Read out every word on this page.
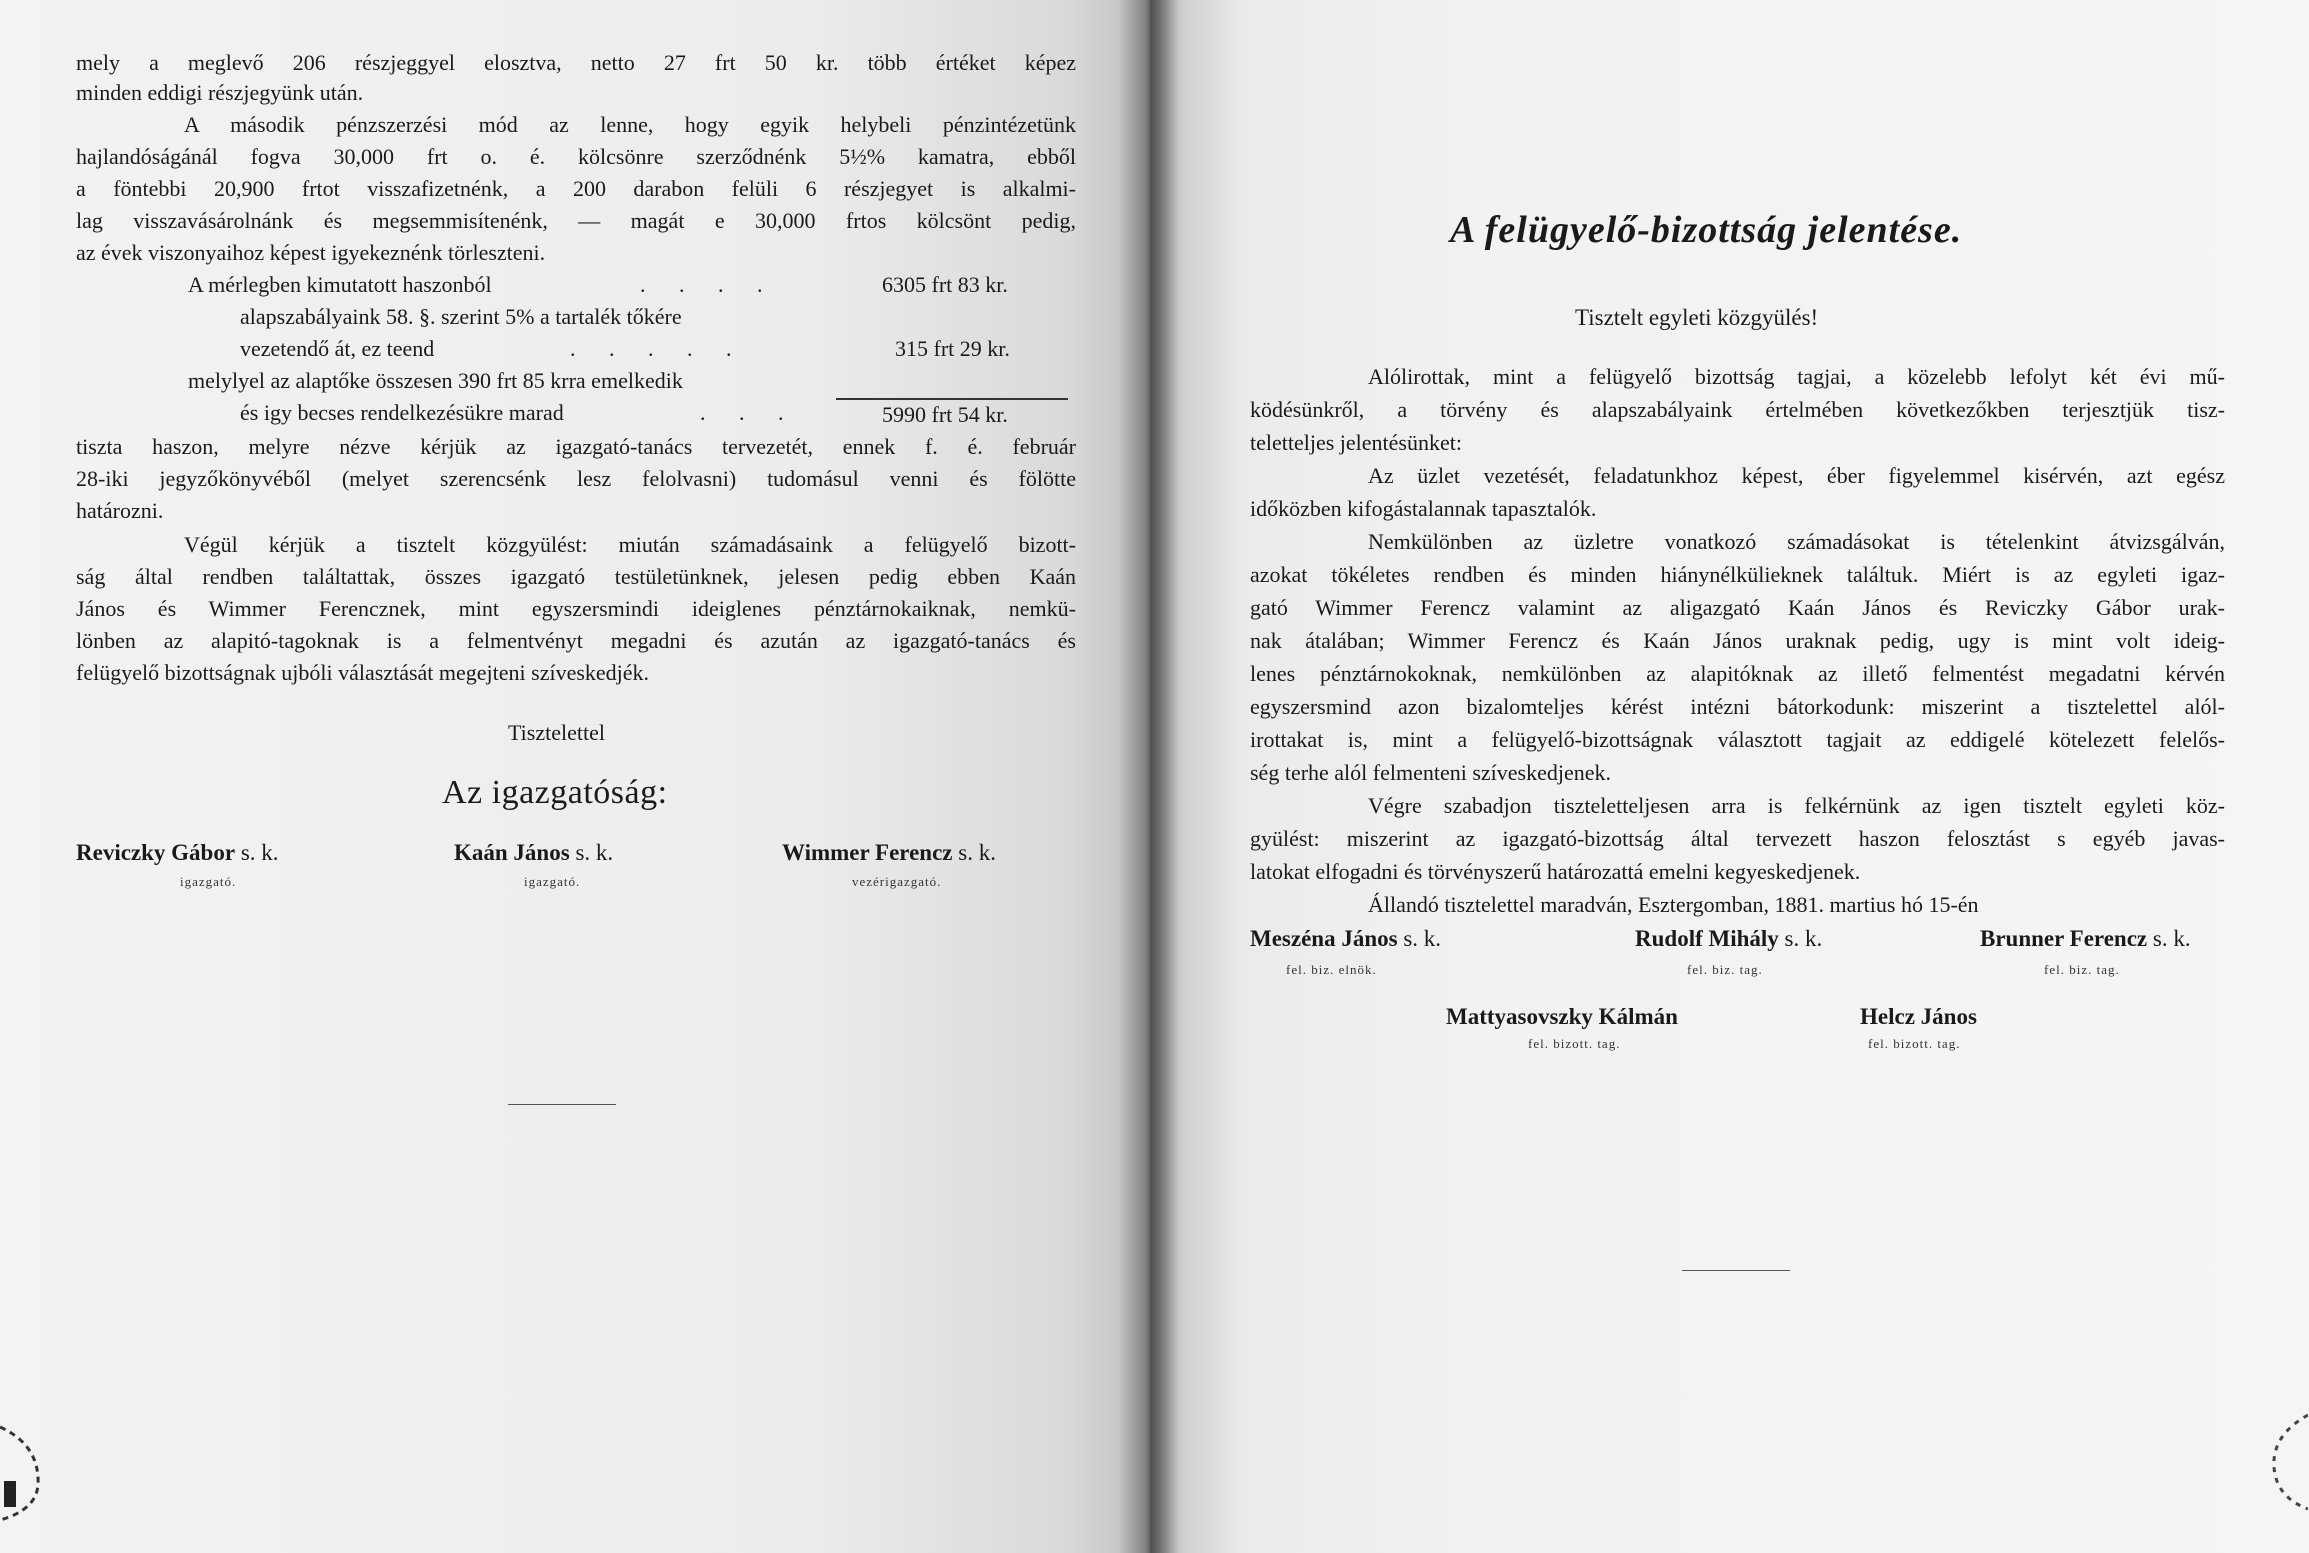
mely a meglevő 206 részjeggyel elosztva, netto 27 frt 50 kr. több értéket képez
minden eddigi részjegyünk után.
A második pénzszerzési mód az lenne, hogy egyik helybeli pénzintézetünk
hajlandóságánál fogva 30,000 frt o. é. kölcsönre szerződnénk 5½% kamatra, ebből
a föntebbi 20,900 frtot visszafizetnénk, a 200 darabon felüli 6 részjegyet is alkalmi-
lag visszavásárolnánk és megsemmisítenénk, — magát e 30,000 frtos kölcsönt pedig,
az évek viszonyaihoz képest igyekeznénk törleszteni.
A mérlegben kimutatott haszonból	. . . .	6305 frt 83 kr.
alapszabályaink 58. §. szerint 5% a tartalék tőkére
vezetendő át, ez teend	. . . . .	315 frt 29 kr.
melylyel az alaptőke összesen 390 frt 85 krra emelkedik
és igy becses rendelkezésükre marad	. . .	5990 frt 54 kr.
tiszta haszon, melyre nézve kérjük az igazgató-tanács tervezetét, ennek f. é. február
28-iki jegyzőkönyvéből (melyet szerencsénk lesz felolvasni) tudomásul venni és fölötte
határozni.
Végül kérjük a tisztelt közgyülést: miután számadásaink a felügyelő bizott-
ság által rendben találtattak, összes igazgató testületünknek, jelesen pedig ebben Kaán
János és Wimmer Ferencznek, mint egyszersmindi ideiglenes pénztárnokaiknak, nemkü-
lönben az alapitó-tagoknak is a felmentvényt megadni és azután az igazgató-tanács és
felügyelő bizottságnak ujbóli választását megejteni szíveskedjék.
Tisztelettel
Az igazgatóság:
Reviczky Gábor s. k.
igazgató.
Kaán János s. k.
igazgató.
Wimmer Ferencz s. k.
vezérigazgató.
A felügyelő-bizottság jelentése.
Tisztelt egyleti közgyülés!
Alólirottak, mint a felügyelő bizottság tagjai, a közelebb lefolyt két évi mű-
ködésünkről, a törvény és alapszabályaink értelmében következőkben terjesztjük tisz-
teletteljes jelentésünket:
Az üzlet vezetését, feladatunkhoz képest, éber figyelemmel kisérvén, azt egész
időközben kifogástalannak tapasztalók.
Nemkülönben az üzletre vonatkozó számadásokat is tételenkint átvizsgálván,
azokat tökéletes rendben és minden hiánynélkülieknek találtuk. Miért is az egyleti igaz-
gató Wimmer Ferencz valamint az aligazgató Kaán János és Reviczky Gábor urak-
nak átalában; Wimmer Ferencz és Kaán János uraknak pedig, ugy is mint volt ideig-
lenes pénztárnokoknak, nemkülönben az alapitóknak az illető felmentést megadatni kérvén
egyszersmind azon bizalomteljes kérést intézni bátorkodunk: miszerint a tisztelettel alól-
irottakat is, mint a felügyelő-bizottságnak választott tagjait az eddigelé kötelezett felelős-
ség terhe alól felmenteni szíveskedjenek.
Végre szabadjon tiszteletteljesen arra is felkérnünk az igen tisztelt egyleti köz-
gyülést: miszerint az igazgató-bizottság által tervezett haszon felosztást s egyéb javas-
latokat elfogadni és törvényszerű határozattá emelni kegyeskedjenek.
Állandó tisztelettel maradván, Esztergomban, 1881. martius hó 15-én
Meszéna János s. k.
fel. biz. elnök.
Rudolf Mihály s. k.
fel. biz. tag.
Brunner Ferencz s. k.
fel. biz. tag.
Mattyasovszky Kálmán
fel. bizott. tag.
Helcz János
fel. bizott. tag.
